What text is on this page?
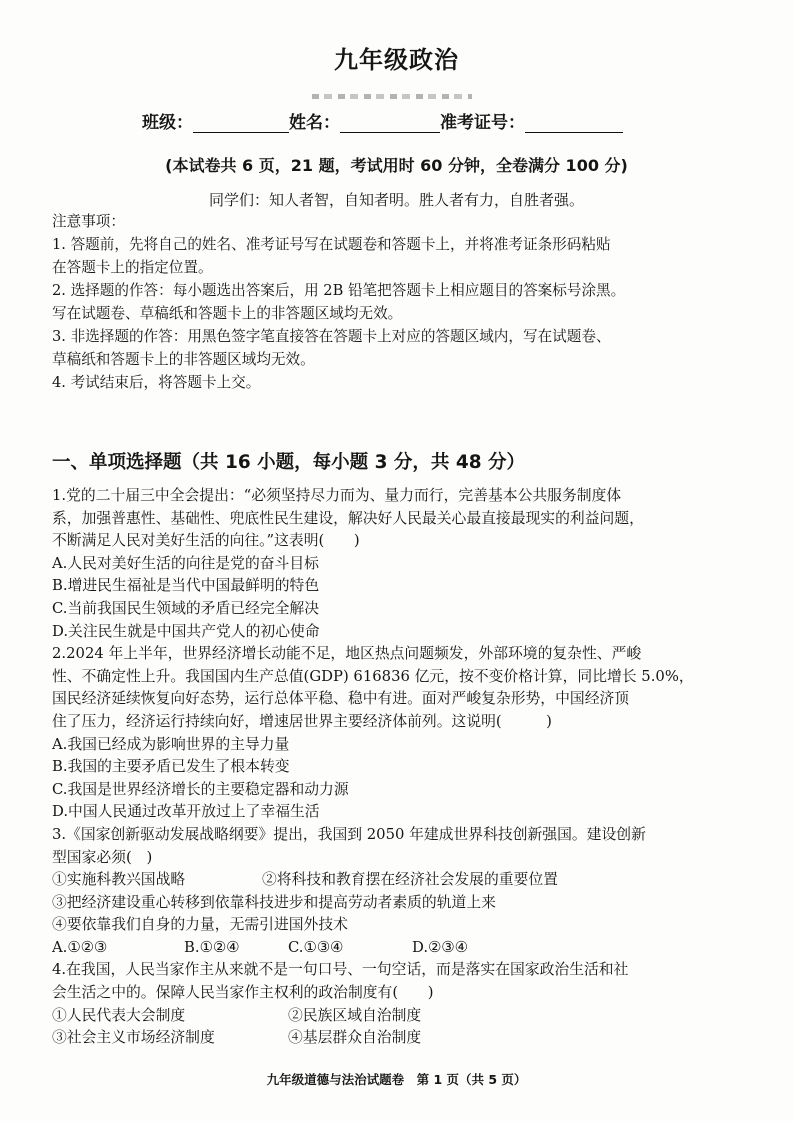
九年级政治
班级：	姓名：	准考证号：
(本试卷共 6 页，21 题，考试用时 60 分钟，全卷满分 100 分)
同学们：知人者智，自知者明。胜人者有力，自胜者强。

注意事项：

1. 答题前，先将自己的姓名、准考证号写在试题卷和答题卡上，并将准考证条形码粘贴

在答题卡上的指定位置。

2. 选择题的作答：每小题选出答案后，用 2B 铅笔把答题卡上相应题目的答案标号涂黑。

写在试题卷、草稿纸和答题卡上的非答题区域均无效。

3. 非选择题的作答：用黑色签字笔直接答在答题卡上对应的答题区域内，写在试题卷、

草稿纸和答题卡上的非答题区域均无效。

4. 考试结束后，将答题卡上交。

一、单项选择题（共 16 小题，每小题 3 分，共 48 分）

1.党的二十届三中全会提出：“必须坚持尽力而为、量力而行，完善基本公共服务制度体

系，加强普惠性、基础性、兜底性民生建设，解决好人民最关心最直接最现实的利益问题，

不断满足人民对美好生活的向往。”这表明(　　)

A.人民对美好生活的向往是党的奋斗目标

B.增进民生福祉是当代中国最鲜明的特色

C.当前我国民生领域的矛盾已经完全解决

D.关注民生就是中国共产党人的初心使命

2.2024 年上半年，世界经济增长动能不足，地区热点问题频发，外部环境的复杂性、严峻

性、不确定性上升。我国国内生产总值(GDP) 616836 亿元，按不变价格计算，同比增长 5.0%，

国民经济延续恢复向好态势，运行总体平稳、稳中有进。面对严峻复杂形势，中国经济顶

住了压力，经济运行持续向好，增速居世界主要经济体前列。这说明(　　　)

A.我国已经成为影响世界的主导力量

B.我国的主要矛盾已发生了根本转变

C.我国是世界经济增长的主要稳定器和动力源

D.中国人民通过改革开放过上了幸福生活

3.《国家创新驱动发展战略纲要》提出，我国到 2050 年建成世界科技创新强国。建设创新

型国家必须(　)

①实施科教兴国战略	②将科技和教育摆在经济社会发展的重要位置

③把经济建设重心转移到依靠科技进步和提高劳动者素质的轨道上来

④要依靠我们自身的力量，无需引进国外技术

A.①②③	B.①②④	C.①③④	D.②③④

4.在我国，人民当家作主从来就不是一句口号、一句空话，而是落实在国家政治生活和社

会生活之中的。保障人民当家作主权利的政治制度有(　　)

①人民代表大会制度	②民族区域自治制度
③社会主义市场经济制度	④基层群众自治制度
九年级道德与法治试题卷　第 1 页（共 5 页）
